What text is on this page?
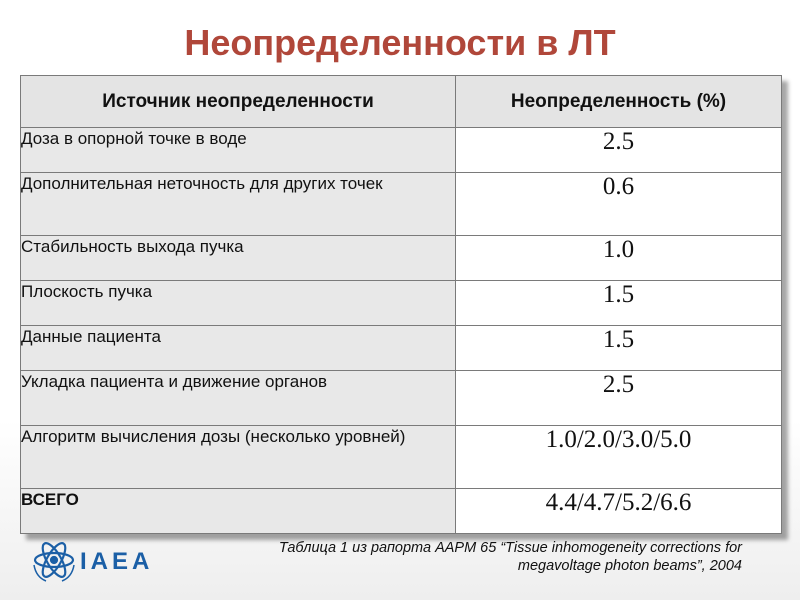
Неопределенности в ЛТ
Источник неопределенности	Неопределенность (%)
Доза в опорной точке в воде	2.5
Дополнительная неточность для других точек	0.6
Стабильность выхода пучка	1.0
Плоскость пучка	1.5
Данные пациента	1.5
Укладка пациента и движение органов	2.5
Алгоритм вычисления дозы (несколько уровней)	1.0/2.0/3.0/5.0
ВСЕГО	4.4/4.7/5.2/6.6
IAEA	Таблица 1 из рапорта AAPM 65 “Tissue inhomogeneity corrections for
megavoltage photon beams”, 2004
